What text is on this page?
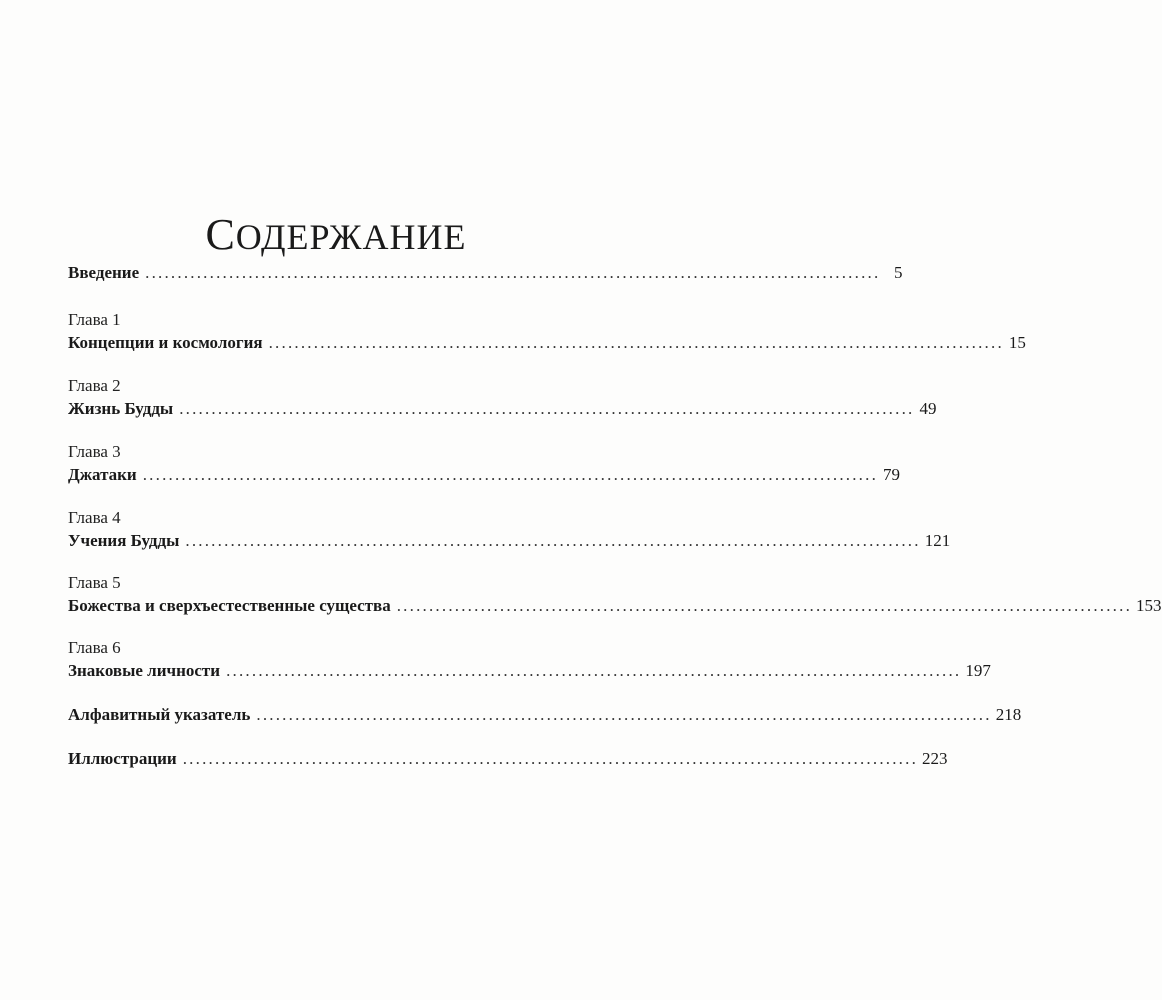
СОДЕРЖАНИЕ
Введение .................................................................................................................. 5
Глава 1
Концепции и космология .................................................................................................................. 15
Глава 2
Жизнь Будды .................................................................................................................. 49
Глава 3
Джатаки .................................................................................................................. 79
Глава 4
Учения Будды .................................................................................................................. 121
Глава 5
Божества и сверхъестественные существа .................................................................................................................. 153
Глава 6
Знаковые личности .................................................................................................................. 197
Алфавитный указатель .................................................................................................................. 218
Иллюстрации .................................................................................................................. 223
